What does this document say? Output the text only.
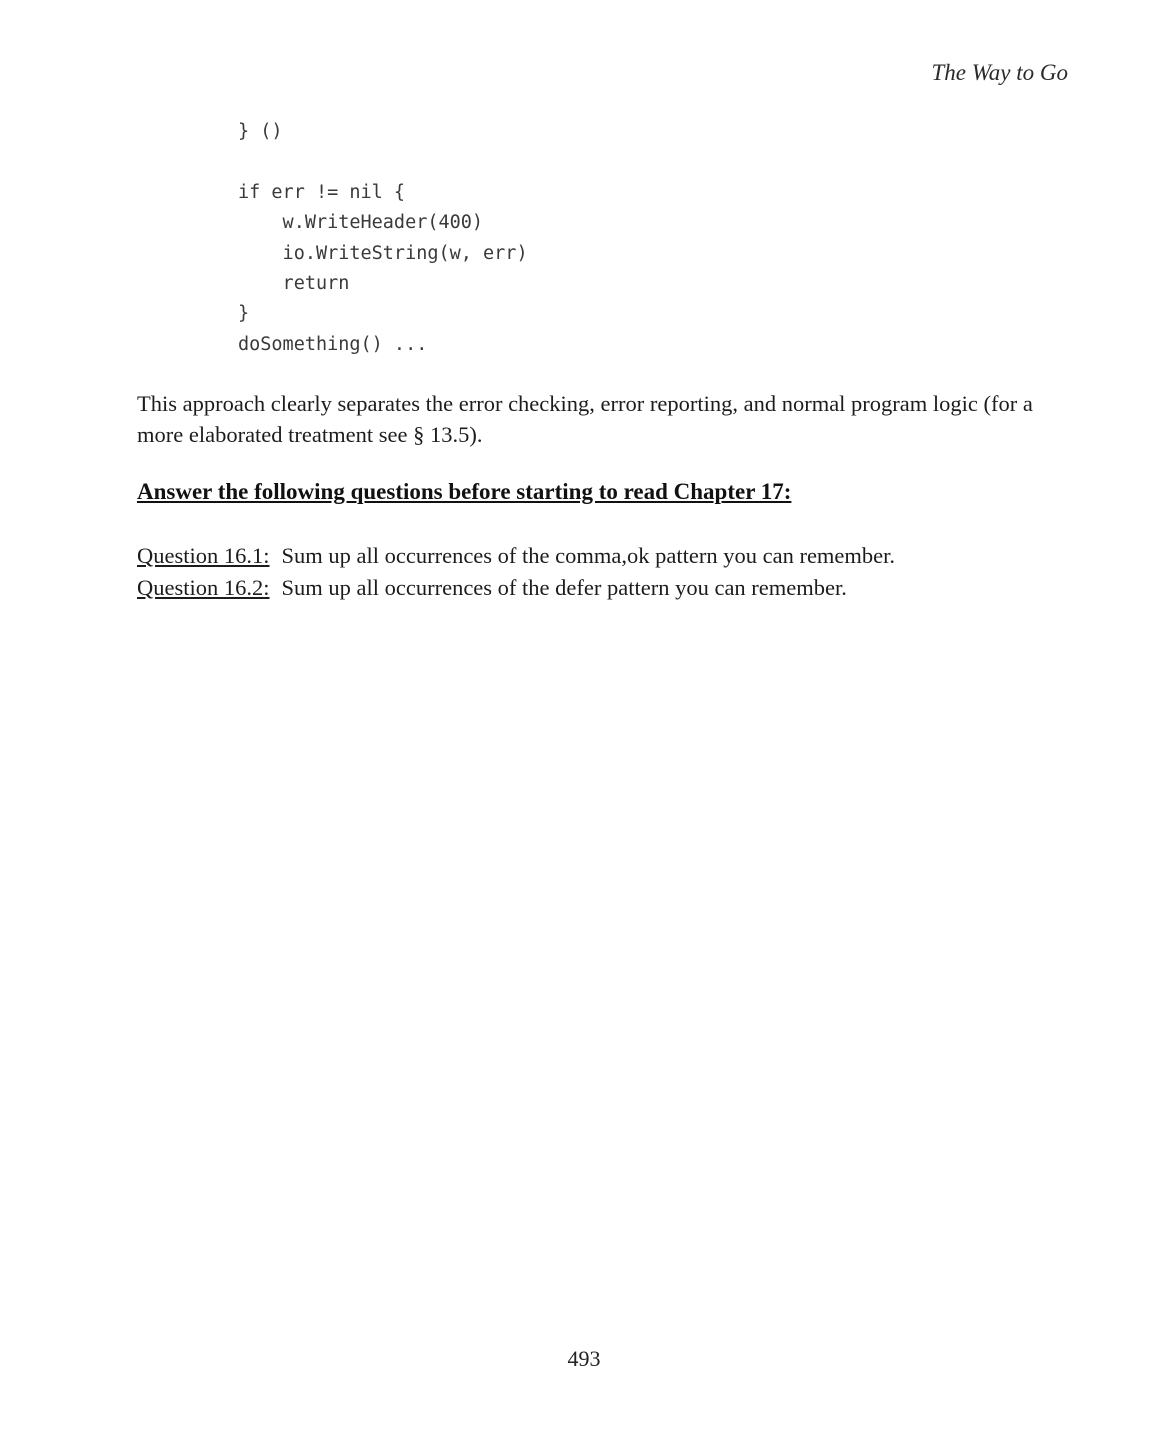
The Way to Go
} ()
if err != nil {
w.WriteHeader(400)
io.WriteString(w, err)
return
}
doSomething() ...
This approach clearly separates the error checking, error reporting, and normal program logic (for a more elaborated treatment see § 13.5).
Answer the following questions before starting to read Chapter 17:
Question 16.1: Sum up all occurrences of the comma,ok pattern you can remember.
Question 16.2: Sum up all occurrences of the defer pattern you can remember.
493
